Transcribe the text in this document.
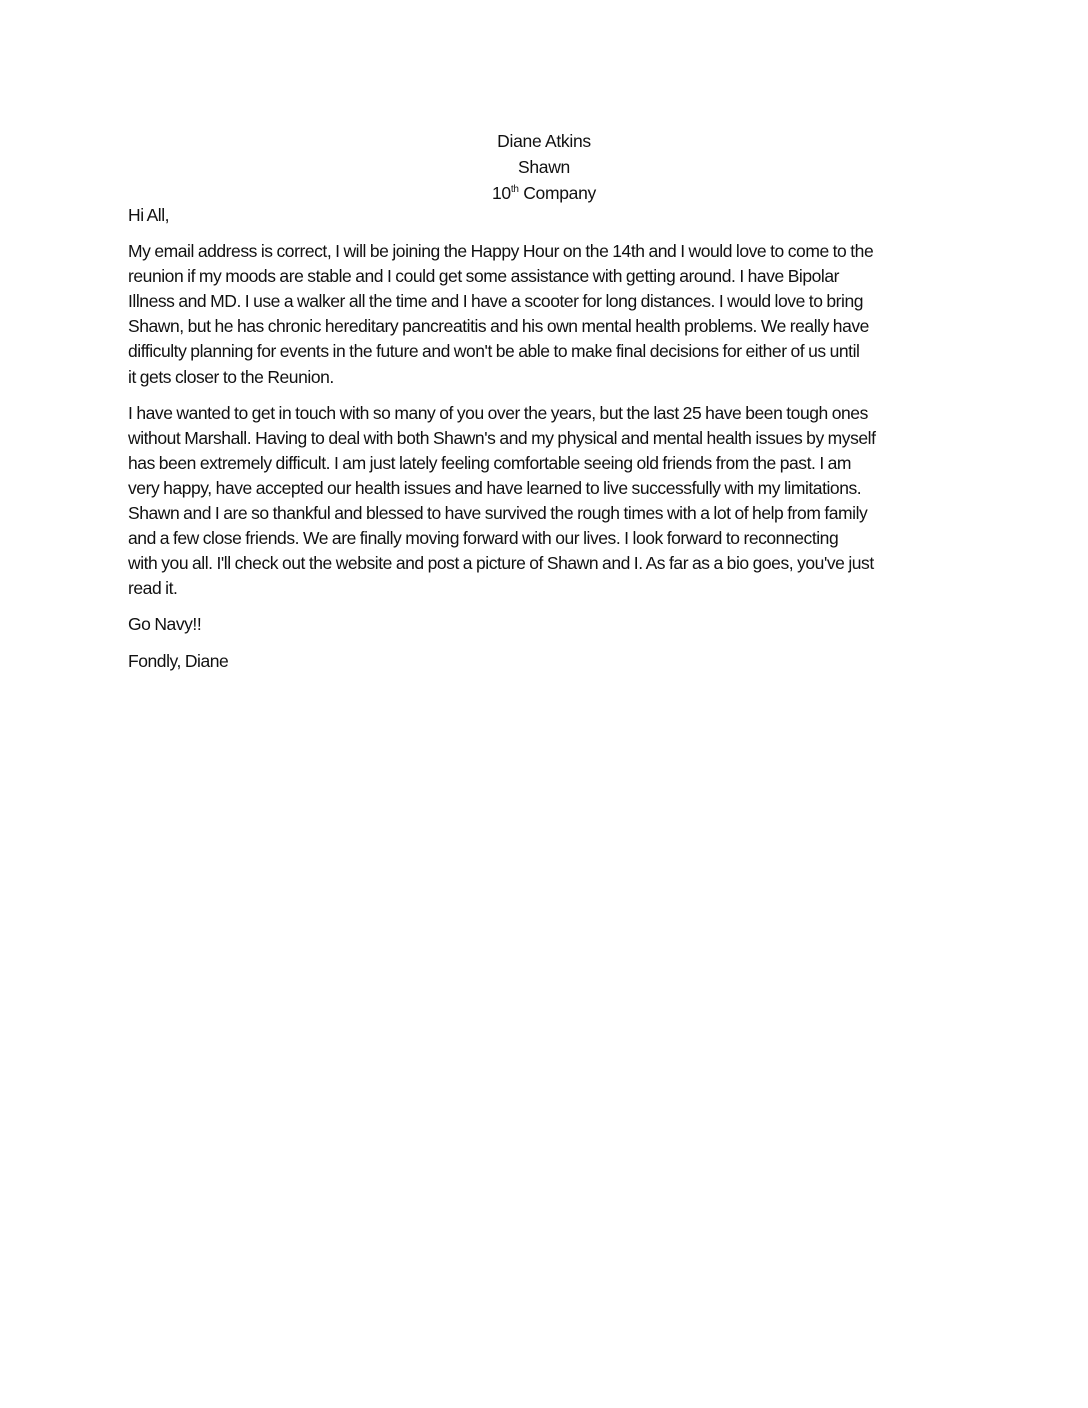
Diane Atkins
Shawn
10th Company

Hi All,

My email address is correct, I will be joining the Happy Hour on the 14th and I would love to come to the
reunion if my moods are stable and I could get some assistance with getting around. I have Bipolar
Illness and MD. I use a walker all the time and I have a scooter for long distances. I would love to bring
Shawn, but he has chronic hereditary pancreatitis and his own mental health problems. We really have
difficulty planning for events in the future and won't be able to make final decisions for either of us until
it gets closer to the Reunion.

I have wanted to get in touch with so many of you over the years, but the last 25 have been tough ones
without Marshall. Having to deal with both Shawn's and my physical and mental health issues by myself
has been extremely difficult. I am just lately feeling comfortable seeing old friends from the past. I am
very happy, have accepted our health issues and have learned to live successfully with my limitations.
Shawn and I are so thankful and blessed to have survived the rough times with a lot of help from family
and a few close friends. We are finally moving forward with our lives. I look forward to reconnecting
with you all. I'll check out the website and post a picture of Shawn and I. As far as a bio goes, you've just
read it.

Go Navy!!

Fondly, Diane
